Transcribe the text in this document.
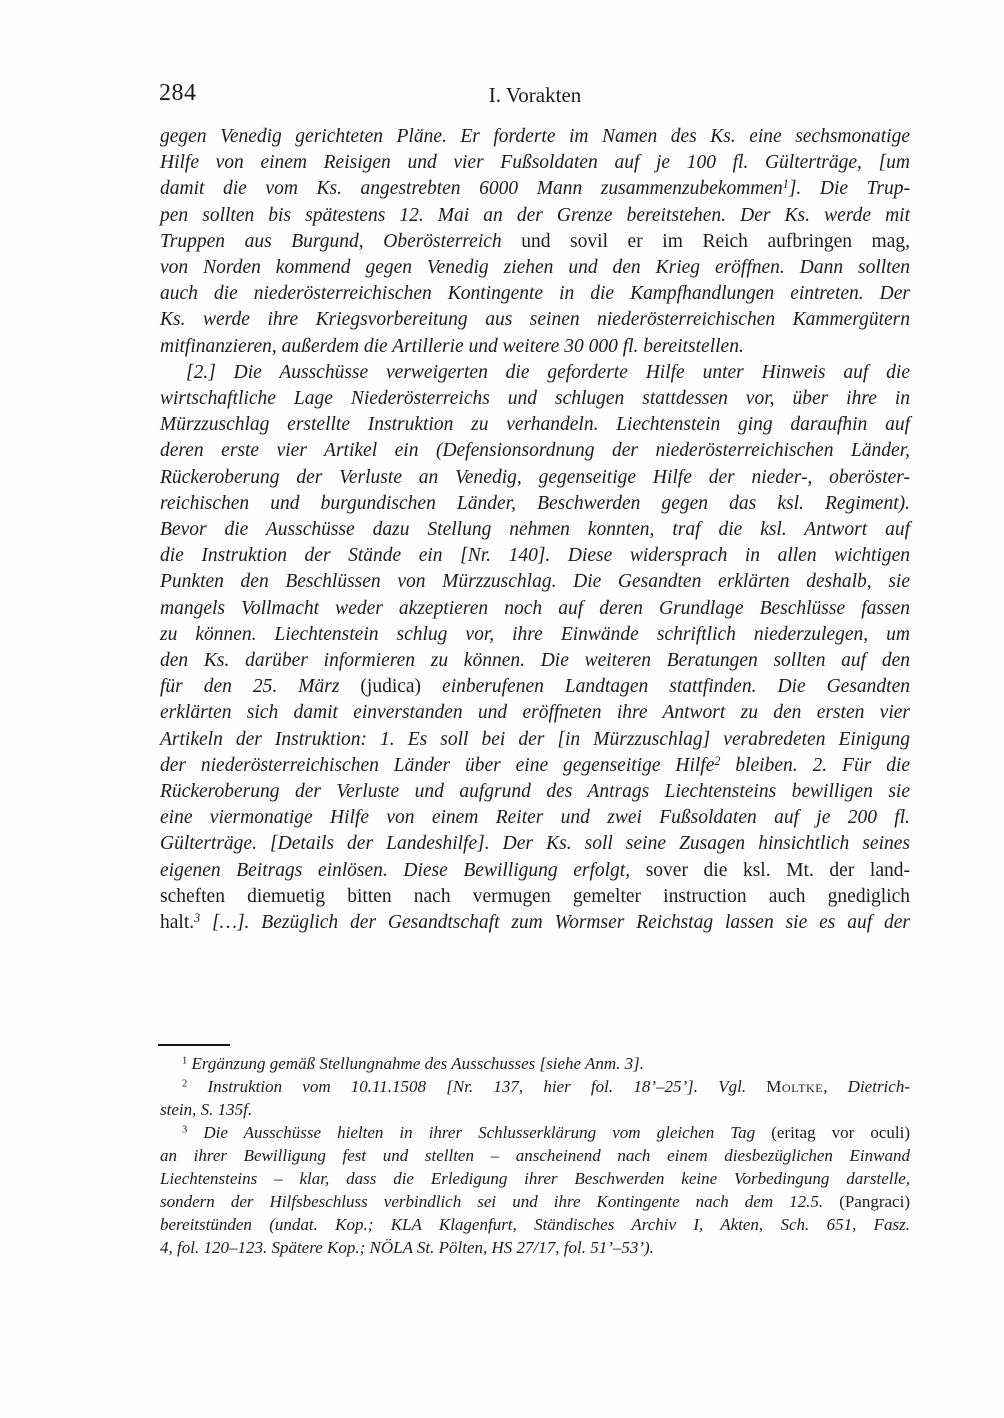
284	I. Vorakten
gegen Venedig gerichteten Pläne. Er forderte im Namen des Ks. eine sechsmonatige
Hilfe von einem Reisigen und vier Fußsoldaten auf je 100 fl. Gülterträge, [um
damit die vom Ks. angestrebten 6000 Mann zusammenzubekommen$^1$]. Die Trup-
pen sollten bis spätestens 12. Mai an der Grenze bereitstehen. Der Ks. werde mit
Truppen aus Burgund, Oberösterreich und sovil er im Reich aufbringen mag,
von Norden kommend gegen Venedig ziehen und den Krieg eröffnen. Dann sollten
auch die niederösterreichischen Kontingente in die Kampfhandlungen eintreten. Der
Ks. werde ihre Kriegsvorbereitung aus seinen niederösterreichischen Kammergütern
mitfinanzieren, außerdem die Artillerie und weitere 30 000 fl. bereitstellen.
[2.] Die Ausschüsse verweigerten die geforderte Hilfe unter Hinweis auf die
wirtschaftliche Lage Niederösterreichs und schlugen stattdessen vor, über ihre in
Mürzzuschlag erstellte Instruktion zu verhandeln. Liechtenstein ging daraufhin auf
deren erste vier Artikel ein (Defensionsordnung der niederösterreichischen Länder,
Rückeroberung der Verluste an Venedig, gegenseitige Hilfe der nieder-, oberöster-
reichischen und burgundischen Länder, Beschwerden gegen das ksl. Regiment).
Bevor die Ausschüsse dazu Stellung nehmen konnten, traf die ksl. Antwort auf
die Instruktion der Stände ein [Nr. 140]. Diese widersprach in allen wichtigen
Punkten den Beschlüssen von Mürzzuschlag. Die Gesandten erklärten deshalb, sie
mangels Vollmacht weder akzeptieren noch auf deren Grundlage Beschlüsse fassen
zu können. Liechtenstein schlug vor, ihre Einwände schriftlich niederzulegen, um
den Ks. darüber informieren zu können. Die weiteren Beratungen sollten auf den
für den 25. März (judica) einberufenen Landtagen stattfinden. Die Gesandten
erklärten sich damit einverstanden und eröffneten ihre Antwort zu den ersten vier
Artikeln der Instruktion: 1. Es soll bei der [in Mürzzuschlag] verabredeten Einigung
der niederösterreichischen Länder über eine gegenseitige Hilfe$^2$ bleiben. 2. Für die
Rückeroberung der Verluste und aufgrund des Antrags Liechtensteins bewilligen sie
eine viermonatige Hilfe von einem Reiter und zwei Fußsoldaten auf je 200 fl.
Gülterträge. [Details der Landeshilfe]. Der Ks. soll seine Zusagen hinsichtlich seines
eigenen Beitrags einlösen. Diese Bewilligung erfolgt, sover die ksl. Mt. der land-
scheften diemuetig bitten nach vermugen gemelter instruction auch gnediglich
halt.$^3$ […]. Bezüglich der Gesandtschaft zum Wormser Reichstag lassen sie es auf der
$^1$ Ergänzung gemäß Stellungnahme des Ausschusses [siehe Anm. 3].
$^2$ Instruktion vom 10.11.1508 [Nr. 137, hier fol. 18’–25’]. Vgl. Moltke, Dietrich-
stein, S. 135f.
$^3$ Die Ausschüsse hielten in ihrer Schlusserklärung vom gleichen Tag (eritag vor oculi)
an ihrer Bewilligung fest und stellten – anscheinend nach einem diesbezüglichen Einwand
Liechtensteins – klar, dass die Erledigung ihrer Beschwerden keine Vorbedingung darstelle,
sondern der Hilfsbeschluss verbindlich sei und ihre Kontingente nach dem 12.5. (Pangraci)
bereitstünden (undat. Kop.; KLA Klagenfurt, Ständisches Archiv I, Akten, Sch. 651, Fasz.
4, fol. 120–123. Spätere Kop.; NÖLA St. Pölten, HS 27/17, fol. 51’–53’).
